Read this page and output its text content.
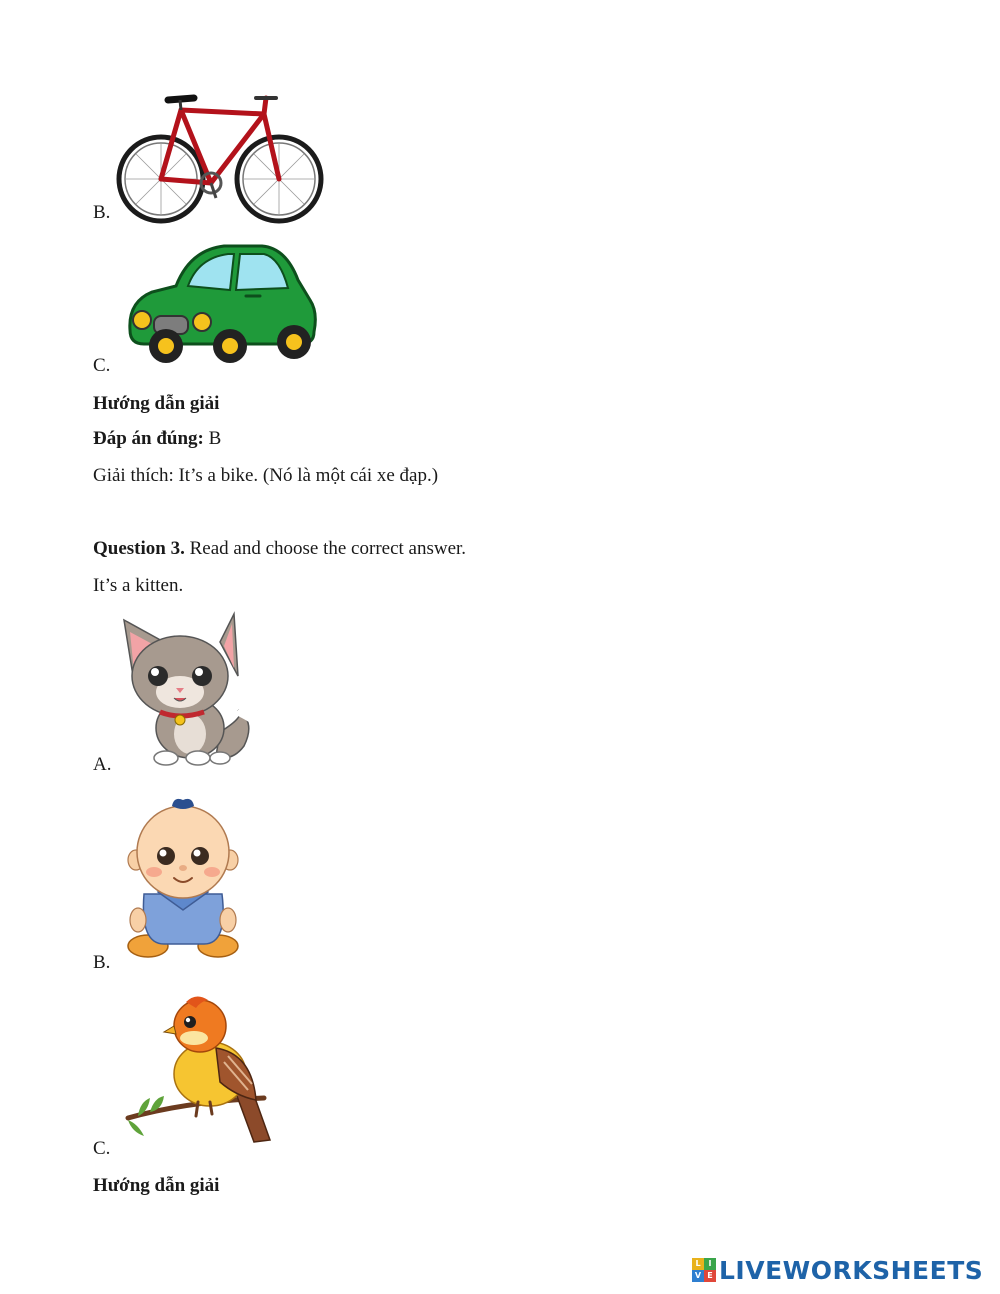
B.
C.
Hướng dẫn giải
Đáp án đúng: B
Giải thích: It’s a bike. (Nó là một cái xe đạp.)
Question 3. Read and choose the correct answer.
It’s a kitten.
A.
B.
C.
Hướng dẫn giải
L I
V E LIVEWORKSHEETS
